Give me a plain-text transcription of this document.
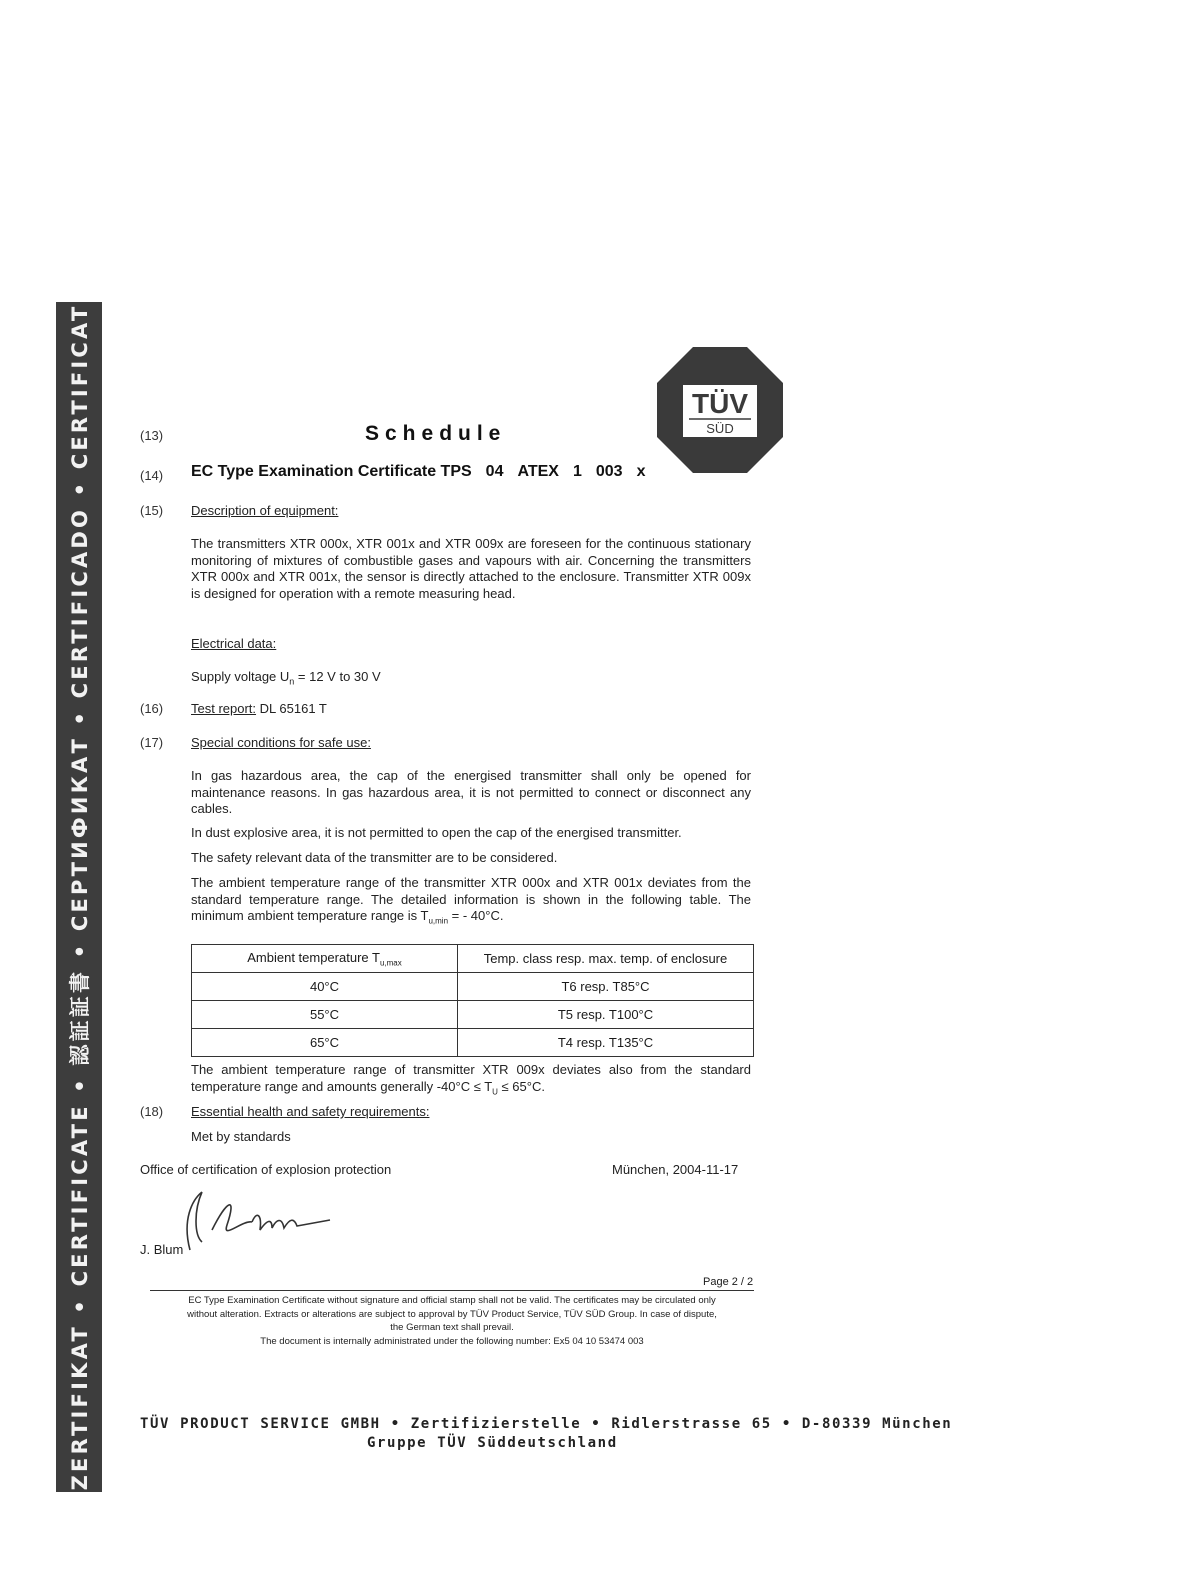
ZERTIFIKAT • CERTIFICATE • 認証証書 • СЕРТИФИКАТ • CERTIFICADO • CERTIFICAT	TÜV
SÜD
(13)	Schedule
(14) EC Type Examination Certificate TPS 04 ATEX 1 003 x
(15) Description of equipment:
The transmitters XTR 000x, XTR 001x and XTR 009x are foreseen for the continuous stationary monitoring of mixtures of combustible gases and vapours with air. Concerning the transmitters XTR 000x and XTR 001x, the sensor is directly attached to the enclosure. Transmitter XTR 009x is designed for operation with a remote measuring head.
Electrical data:
Supply voltage $U_n = 12$ V to 30 V
(16) Test report: DL 65161 T
(17) Special conditions for safe use:
In gas hazardous area, the cap of the energised transmitter shall only be opened for maintenance reasons. In gas hazardous area, it is not permitted to connect or disconnect any cables.
In dust explosive area, it is not permitted to open the cap of the energised transmitter.
The safety relevant data of the transmitter are to be considered.
The ambient temperature range of the transmitter XTR 000x and XTR 001x deviates from the standard temperature range. The detailed information is shown in the following table. The minimum ambient temperature range is $T_{u,min}$ = - 40°C.
Ambient temperature $T_{u,max}$	Temp. class resp. max. temp. of enclosure
40°C	T6 resp. T85°C
55°C	T5 resp. T100°C
65°C	T4 resp. T135°C
The ambient temperature range of transmitter XTR 009x deviates also from the standard temperature range and amounts generally $-40^\circ C \le T_U \le 65^\circ C$.
(18) Essential health and safety requirements:
Met by standards
Office of certification of explosion protection	München, 2004-11-17
J. Blum
Page 2 / 2
EC Type Examination Certificate without signature and official stamp shall not be valid. The certificates may be circulated only
without alteration. Extracts or alterations are subject to approval by TÜV Product Service, TÜV SÜD Group. In case of dispute,
the German text shall prevail.
The document is internally administrated under the following number: Ex5 04 10 53474 003
TÜV PRODUCT SERVICE GMBH • Zertifizierstelle • Ridlerstrasse 65 • D-80339 München
Gruppe TÜV Süddeutschland
